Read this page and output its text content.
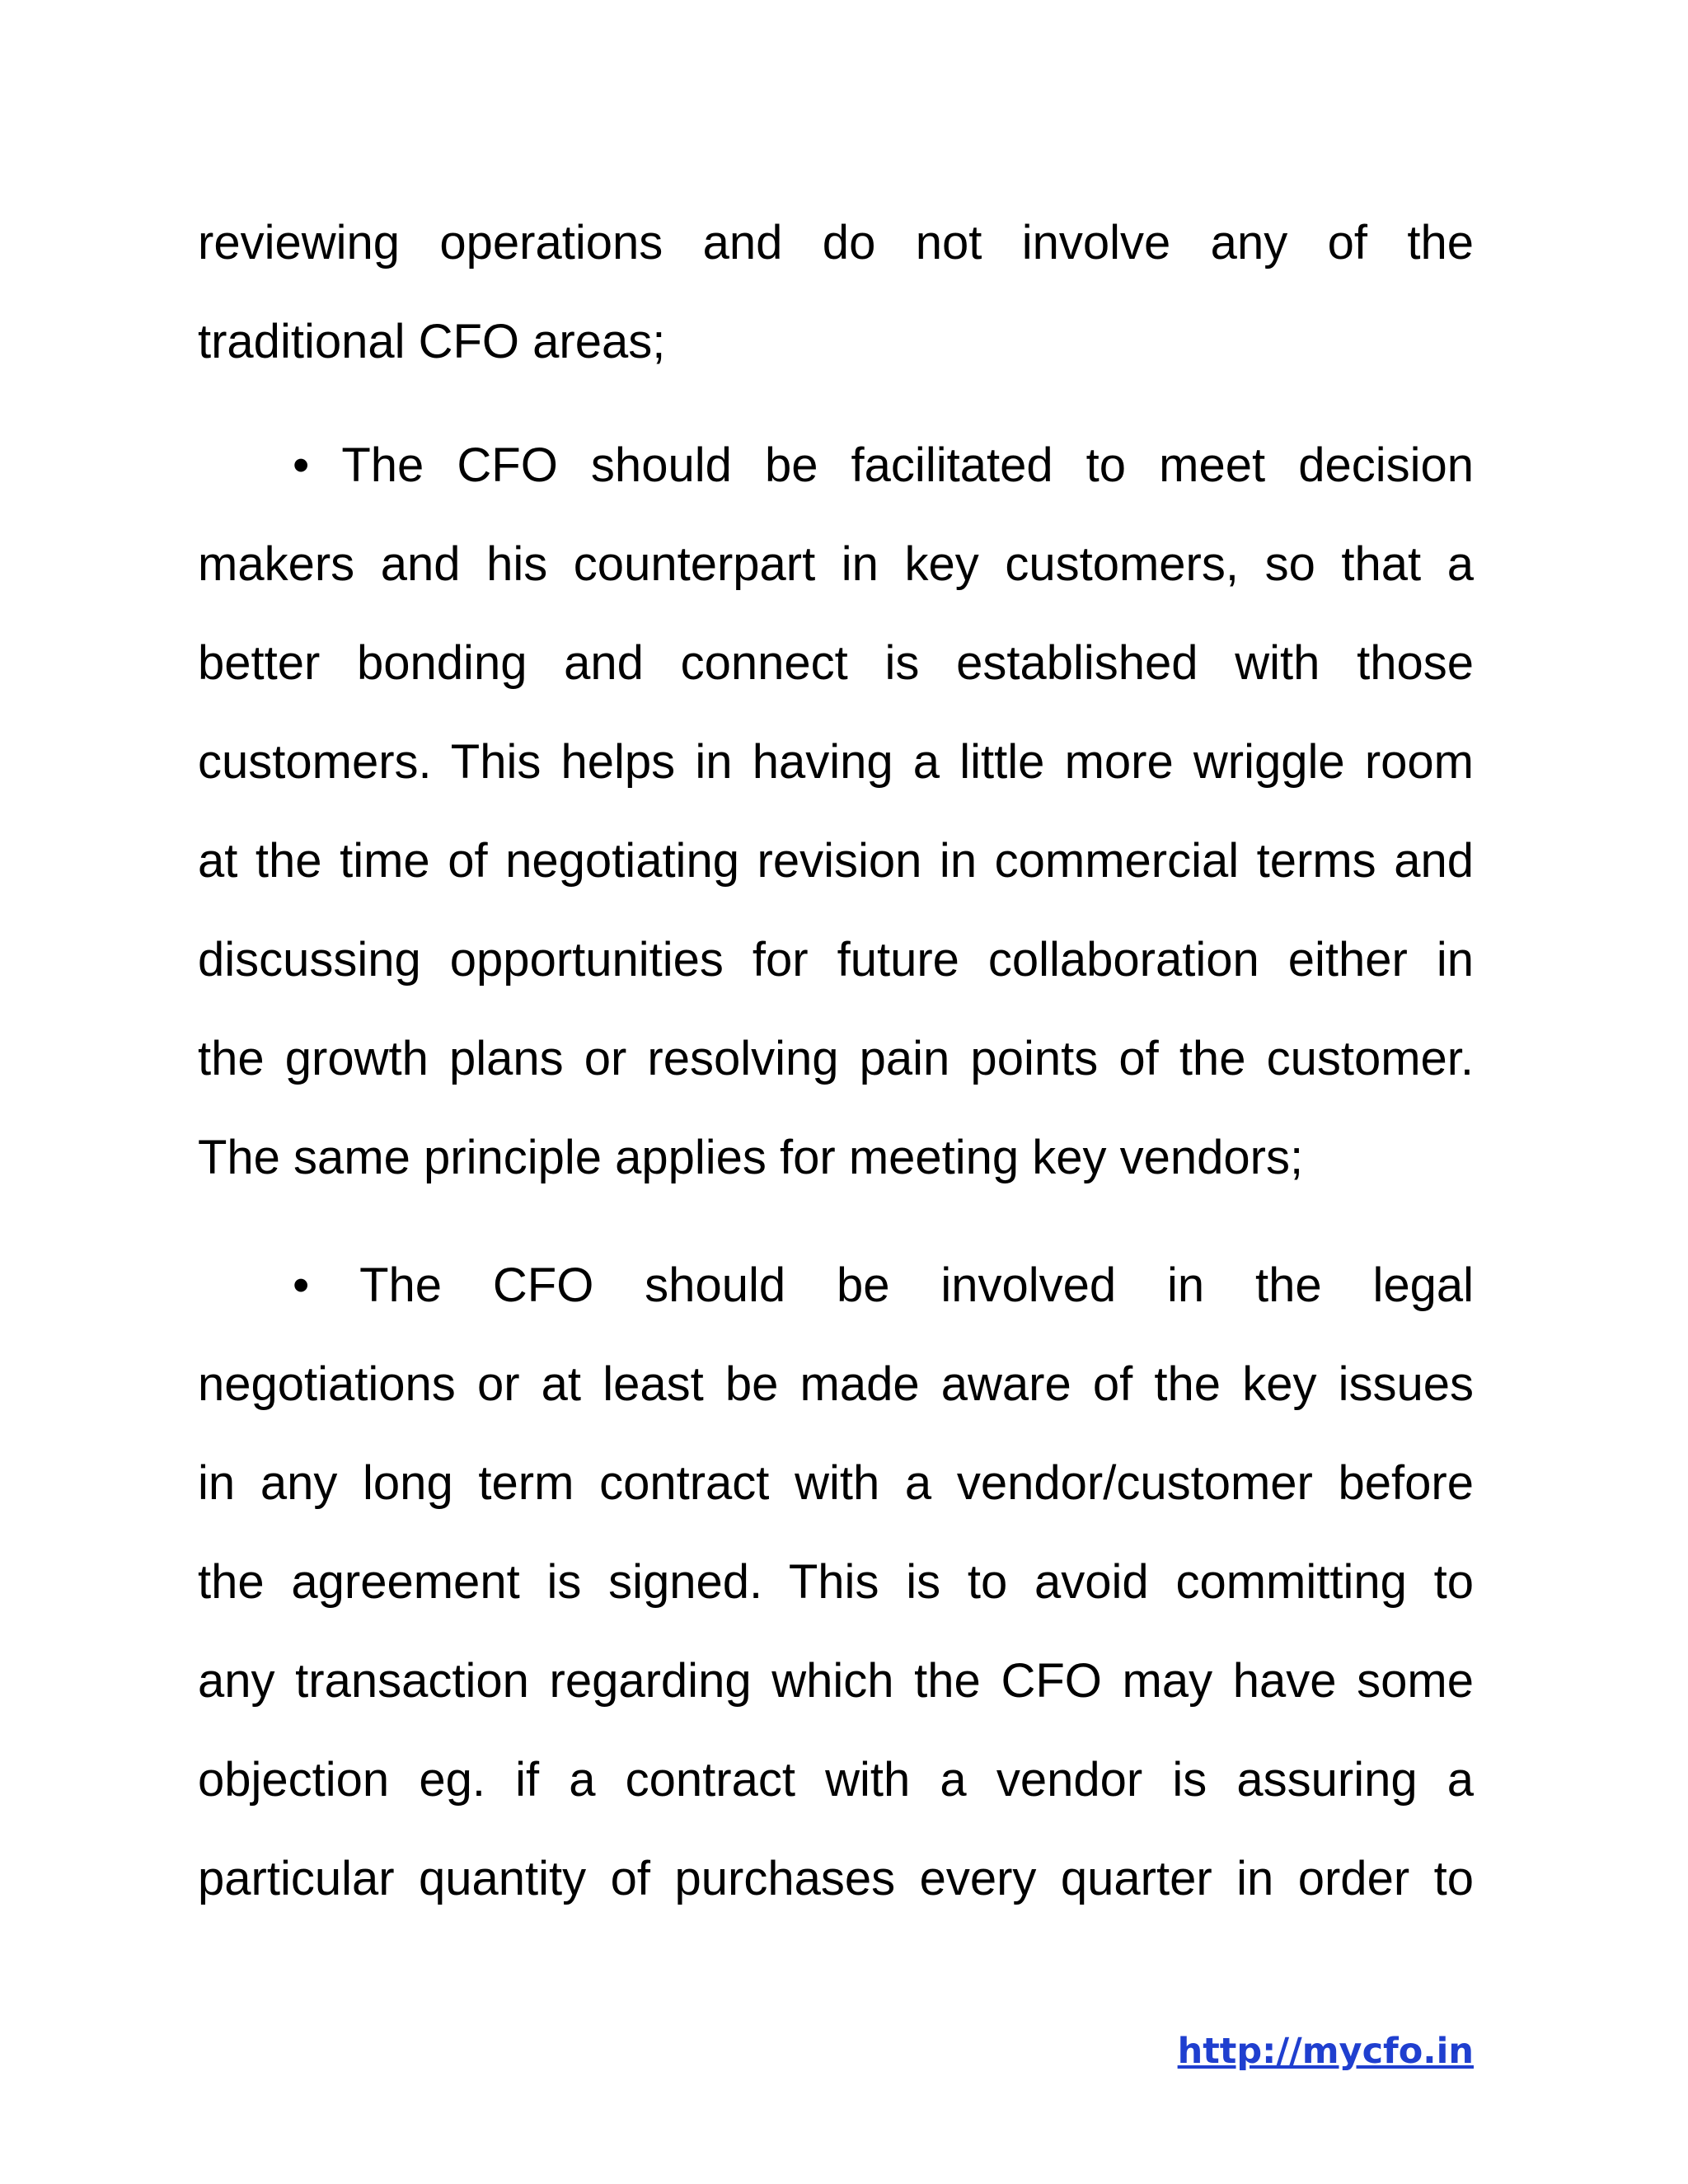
reviewing operations and do not involve any of the
traditional CFO areas;
• The CFO should be facilitated to meet decision
makers and his counterpart in key customers, so that a
better bonding and connect is established with those
customers. This helps in having a little more wriggle room
at the time of negotiating revision in commercial terms and
discussing opportunities for future collaboration either in
the growth plans or resolving pain points of the customer.
The same principle applies for meeting key vendors;
• The CFO should be involved in the legal
negotiations or at least be made aware of the key issues
in any long term contract with a vendor/customer before
the agreement is signed. This is to avoid committing to
any transaction regarding which the CFO may have some
objection eg. if a contract with a vendor is assuring a
particular quantity of purchases every quarter in order to
http://mycfo.in
